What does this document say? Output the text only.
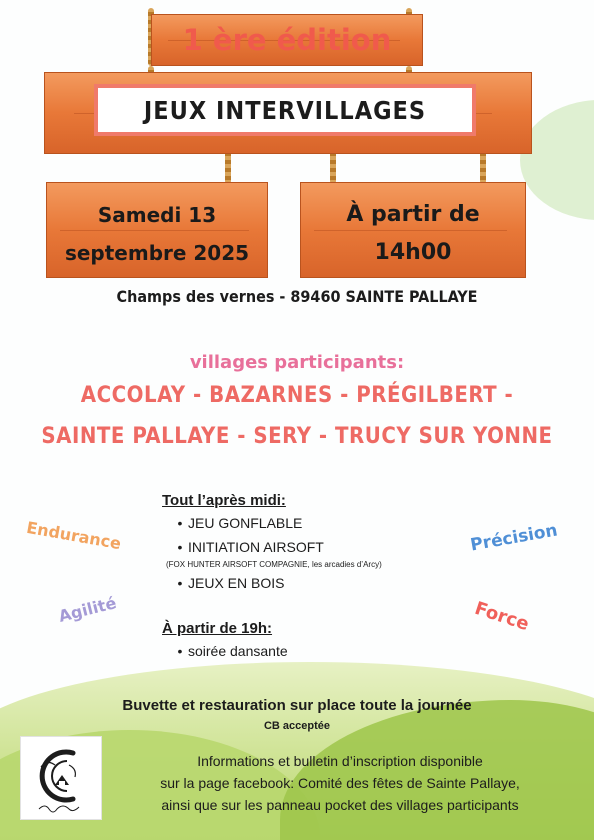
1 ère édition
JEUX INTERVILLAGES
Samedi 13
septembre 2025
À partir de
14h00
Champs des vernes - 89460 SAINTE PALLAYE
villages participants:
ACCOLAY - BAZARNES - PRÉGILBERT -
SAINTE PALLAYE - SERY - TRUCY SUR YONNE
Tout l’après midi:
• JEU GONFLABLE
• INITIATION AIRSOFT
(FOX HUNTER AIRSOFT COMPAGNIE, les arcadies d’Arcy)
• JEUX EN BOIS
À partir de 19h:
• soirée dansante
Endurance	Précision
Agilité	Force
Buvette et restauration sur place toute la journée
CB acceptée
Informations et bulletin d’inscription disponible
sur la page facebook: Comité des fêtes de Sainte Pallaye,
ainsi que sur les panneau pocket des villages participants
